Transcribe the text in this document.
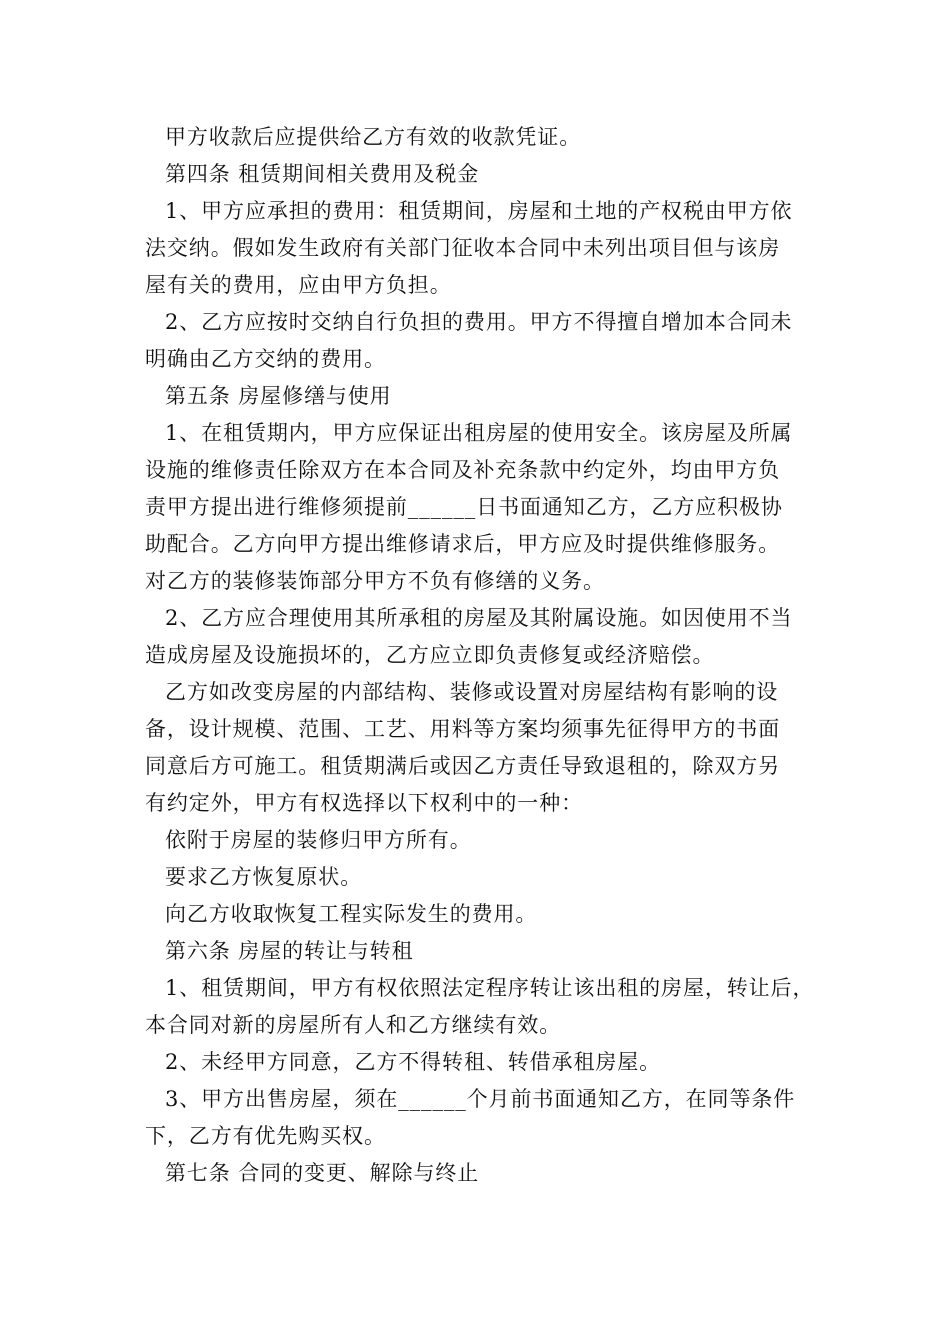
甲方收款后应提供给乙方有效的收款凭证。
第四条 租赁期间相关费用及税金
1、甲方应承担的费用：租赁期间，房屋和土地的产权税由甲方依
法交纳。假如发生政府有关部门征收本合同中未列出项目但与该房
屋有关的费用，应由甲方负担。
2、乙方应按时交纳自行负担的费用。甲方不得擅自增加本合同未
明确由乙方交纳的费用。
第五条 房屋修缮与使用
1、在租赁期内，甲方应保证出租房屋的使用安全。该房屋及所属
设施的维修责任除双方在本合同及补充条款中约定外，均由甲方负
责甲方提出进行维修须提前______日书面通知乙方，乙方应积极协
助配合。乙方向甲方提出维修请求后，甲方应及时提供维修服务。
对乙方的装修装饰部分甲方不负有修缮的义务。
2、乙方应合理使用其所承租的房屋及其附属设施。如因使用不当
造成房屋及设施损坏的，乙方应立即负责修复或经济赔偿。
乙方如改变房屋的内部结构、装修或设置对房屋结构有影响的设
备，设计规模、范围、工艺、用料等方案均须事先征得甲方的书面
同意后方可施工。租赁期满后或因乙方责任导致退租的，除双方另
有约定外，甲方有权选择以下权利中的一种：
依附于房屋的装修归甲方所有。
要求乙方恢复原状。
向乙方收取恢复工程实际发生的费用。
第六条 房屋的转让与转租
1、租赁期间，甲方有权依照法定程序转让该出租的房屋，转让后，
本合同对新的房屋所有人和乙方继续有效。
2、未经甲方同意，乙方不得转租、转借承租房屋。
3、甲方出售房屋，须在______个月前书面通知乙方，在同等条件
下，乙方有优先购买权。
第七条 合同的变更、解除与终止
